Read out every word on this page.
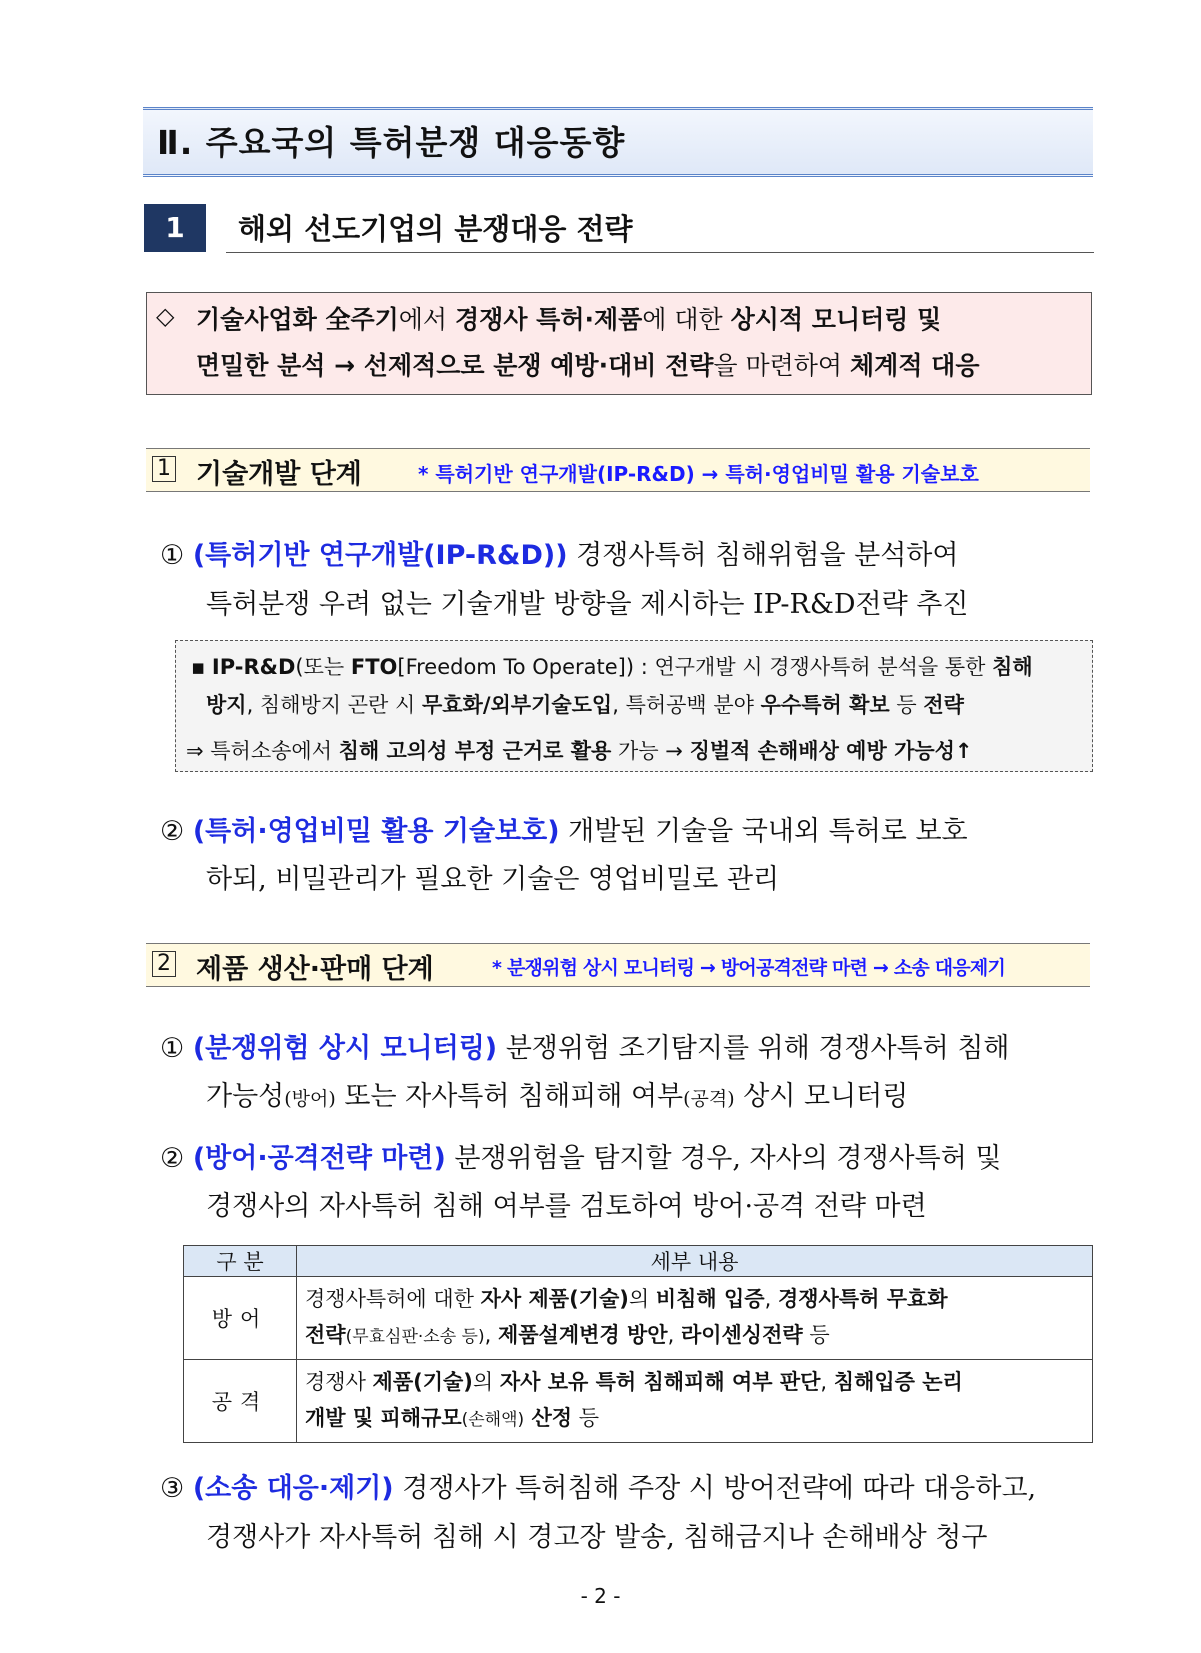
Ⅱ. 주요국의 특허분쟁 대응동향
1	해외 선도기업의 분쟁대응 전략
◇ 기술사업화 全주기에서 경쟁사 특허·제품에 대한 상시적 모니터링 및
면밀한 분석 → 선제적으로 분쟁 예방·대비 전략을 마련하여 체계적 대응
1 기술개발 단계	* 특허기반 연구개발(IP-R&D) → 특허·영업비밀 활용 기술보호
① (특허기반 연구개발(IP-R&D)) 경쟁사특허 침해위험을 분석하여
특허분쟁 우려 없는 기술개발 방향을 제시하는 IP-R&D전략 추진
▪ IP-R&D(또는 FTO[Freedom To Operate]) : 연구개발 시 경쟁사특허 분석을 통한 침해
방지, 침해방지 곤란 시 무효화/외부기술도입, 특허공백 분야 우수특허 확보 등 전략
⇒ 특허소송에서 침해 고의성 부정 근거로 활용 가능 → 징벌적 손해배상 예방 가능성↑
② (특허·영업비밀 활용 기술보호) 개발된 기술을 국내외 특허로 보호
하되, 비밀관리가 필요한 기술은 영업비밀로 관리
2 제품 생산·판매 단계	* 분쟁위험 상시 모니터링 → 방어공격전략 마련 → 소송 대응제기
① (분쟁위험 상시 모니터링) 분쟁위험 조기탐지를 위해 경쟁사특허 침해
가능성(방어) 또는 자사특허 침해피해 여부(공격) 상시 모니터링
② (방어·공격전략 마련) 분쟁위험을 탐지할 경우, 자사의 경쟁사특허 및
경쟁사의 자사특허 침해 여부를 검토하여 방어·공격 전략 마련
구 분	세부 내용
방어	경쟁사특허에 대한 자사 제품(기술)의 비침해 입증, 경쟁사특허 무효화
전략(무효심판·소송 등), 제품설계변경 방안, 라이센싱전략 등

공격	경쟁사 제품(기술)의 자사 보유 특허 침해피해 여부 판단, 침해입증 논리
개발 및 피해규모(손해액) 산정 등
③ (소송 대응·제기) 경쟁사가 특허침해 주장 시 방어전략에 따라 대응하고,
경쟁사가 자사특허 침해 시 경고장 발송, 침해금지나 손해배상 청구
- 2 -
